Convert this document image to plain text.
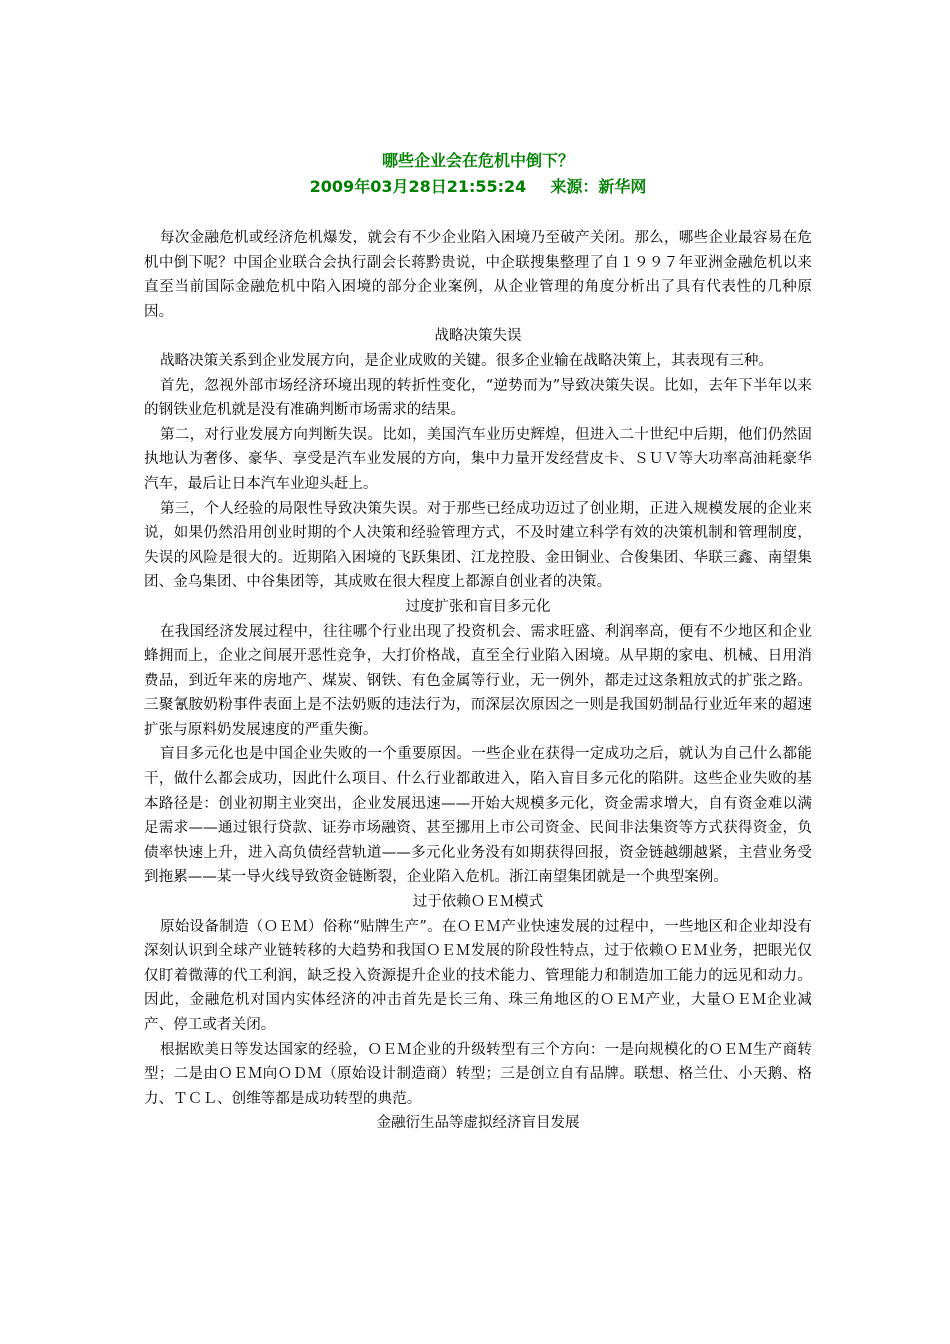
哪些企业会在危机中倒下？
2009年03月28日21:55:24 来源：新华网

每次金融危机或经济危机爆发，就会有不少企业陷入困境乃至破产关闭。那么，哪些企业最容易在危机中倒下呢？中国企业联合会执行副会长蒋黔贵说，中企联搜集整理了自１９９７年亚洲金融危机以来直至当前国际金融危机中陷入困境的部分企业案例，从企业管理的角度分析出了具有代表性的几种原因。

战略决策失误

战略决策关系到企业发展方向，是企业成败的关键。很多企业输在战略决策上，其表现有三种。

首先，忽视外部市场经济环境出现的转折性变化，“逆势而为”导致决策失误。比如，去年下半年以来的钢铁业危机就是没有准确判断市场需求的结果。

第二，对行业发展方向判断失误。比如，美国汽车业历史辉煌，但进入二十世纪中后期，他们仍然固执地认为奢侈、豪华、享受是汽车业发展的方向，集中力量开发经营皮卡、ＳＵＶ等大功率高油耗豪华汽车，最后让日本汽车业迎头赶上。

第三，个人经验的局限性导致决策失误。对于那些已经成功迈过了创业期，正进入规模发展的企业来说，如果仍然沿用创业时期的个人决策和经验管理方式，不及时建立科学有效的决策机制和管理制度，失误的风险是很大的。近期陷入困境的飞跃集团、江龙控股、金田铜业、合俊集团、华联三鑫、南望集团、金乌集团、中谷集团等，其成败在很大程度上都源自创业者的决策。

过度扩张和盲目多元化

在我国经济发展过程中，往往哪个行业出现了投资机会、需求旺盛、利润率高，便有不少地区和企业蜂拥而上，企业之间展开恶性竞争，大打价格战，直至全行业陷入困境。从早期的家电、机械、日用消费品，到近年来的房地产、煤炭、钢铁、有色金属等行业，无一例外，都走过这条粗放式的扩张之路。三聚氰胺奶粉事件表面上是不法奶贩的违法行为，而深层次原因之一则是我国奶制品行业近年来的超速扩张与原料奶发展速度的严重失衡。

盲目多元化也是中国企业失败的一个重要原因。一些企业在获得一定成功之后，就认为自己什么都能干，做什么都会成功，因此什么项目、什么行业都敢进入，陷入盲目多元化的陷阱。这些企业失败的基本路径是：创业初期主业突出，企业发展迅速——开始大规模多元化，资金需求增大，自有资金难以满足需求——通过银行贷款、证券市场融资、甚至挪用上市公司资金、民间非法集资等方式获得资金，负债率快速上升，进入高负债经营轨道——多元化业务没有如期获得回报，资金链越绷越紧，主营业务受到拖累——某一导火线导致资金链断裂，企业陷入危机。浙江南望集团就是一个典型案例。

过于依赖ＯＥＭ模式

原始设备制造（ＯＥＭ）俗称“贴牌生产”。在ＯＥＭ产业快速发展的过程中，一些地区和企业却没有深刻认识到全球产业链转移的大趋势和我国ＯＥＭ发展的阶段性特点，过于依赖ＯＥＭ业务，把眼光仅仅盯着微薄的代工利润，缺乏投入资源提升企业的技术能力、管理能力和制造加工能力的远见和动力。因此，金融危机对国内实体经济的冲击首先是长三角、珠三角地区的ＯＥＭ产业，大量ＯＥＭ企业减产、停工或者关闭。

根据欧美日等发达国家的经验，ＯＥＭ企业的升级转型有三个方向：一是向规模化的ＯＥＭ生产商转型；二是由ＯＥＭ向ＯＤＭ（原始设计制造商）转型；三是创立自有品牌。联想、格兰仕、小天鹅、格力、ＴＣＬ、创维等都是成功转型的典范。

金融衍生品等虚拟经济盲目发展
